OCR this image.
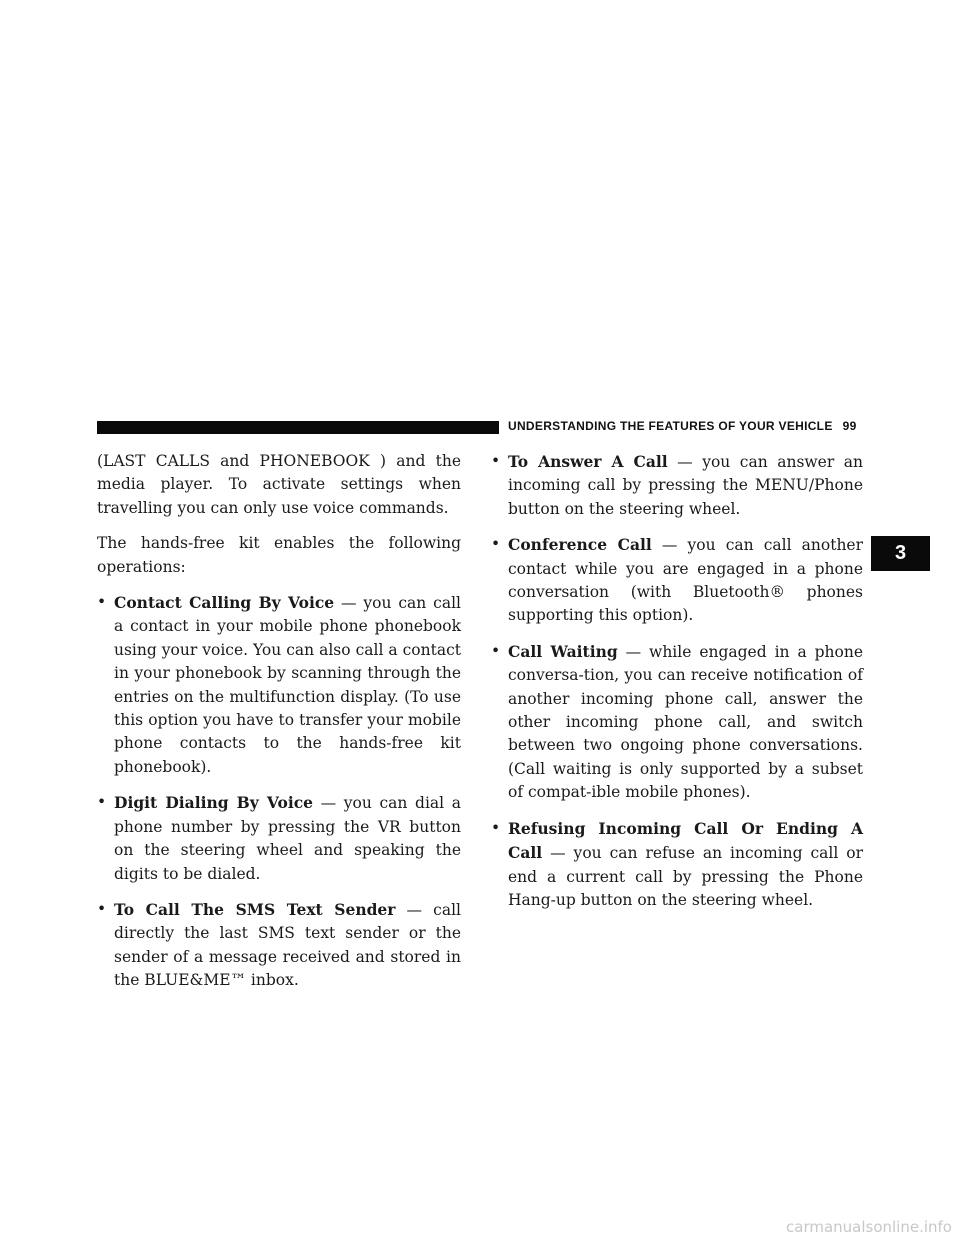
UNDERSTANDING THE FEATURES OF YOUR VEHICLE 99

(LAST CALLS and PHONEBOOK ) and the media player. To activate settings when travelling you can only use voice commands.

The hands-free kit enables the following operations:

• Contact Calling By Voice — you can call a contact in your mobile phone phonebook using your voice. You can also call a contact in your phonebook by scanning through the entries on the multifunction display. (To use this option you have to transfer your mobile phone contacts to the hands-free kit phonebook).
• Digit Dialing By Voice — you can dial a phone number by pressing the VR button on the steering wheel and speaking the digits to be dialed.
• To Call The SMS Text Sender — call directly the last SMS text sender or the sender of a message received and stored in the BLUE&ME™ inbox.
• To Answer A Call — you can answer an incoming call by pressing the MENU/Phone button on the steering wheel.
• Conference Call — you can call another contact while you are engaged in a phone conversation (with Bluetooth® phones supporting this option).
• Call Waiting — while engaged in a phone conversa-tion, you can receive notification of another incoming phone call, answer the other incoming phone call, and switch between two ongoing phone conversations. (Call waiting is only supported by a subset of compat-ible mobile phones).
• Refusing Incoming Call Or Ending A Call — you can refuse an incoming call or end a current call by pressing the Phone Hang-up button on the steering wheel.
3
carmanualsonline.info
